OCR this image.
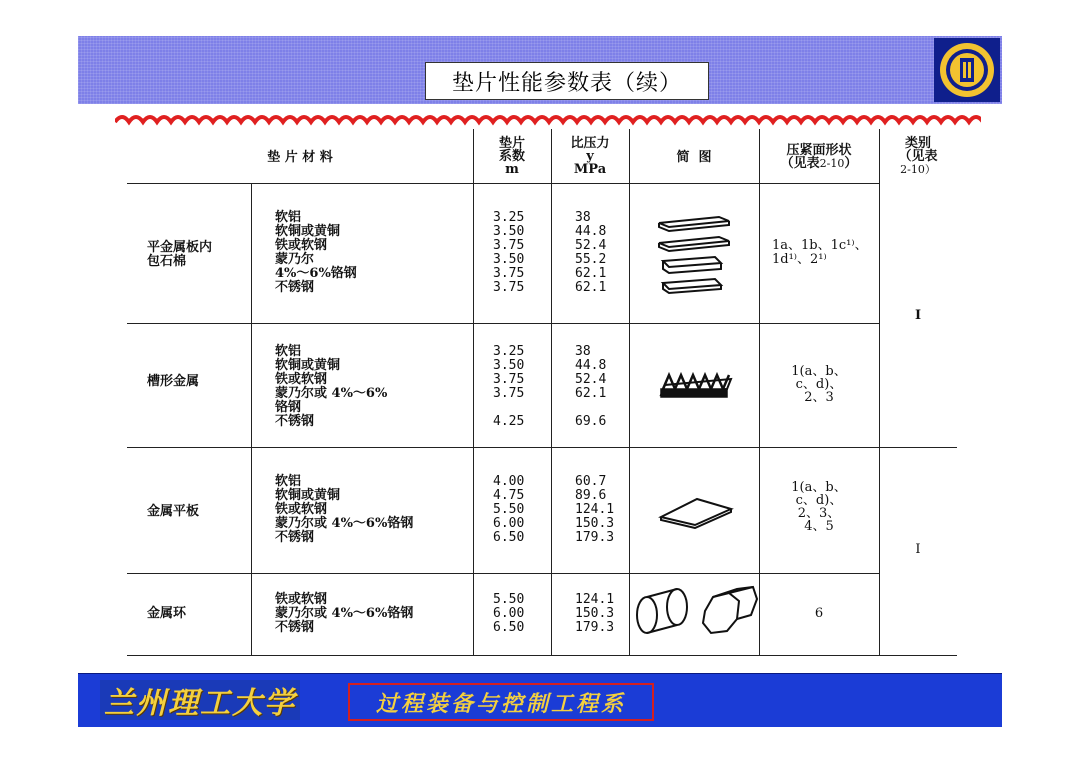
垫片性能参数表（续）
垫 片 材 料
垫片
系数
m
比压力
y
MPa
简  图	压紧面形状
（见表2-10）
类别
（见表
2-10）
平金属板内
包石棉
软铝
软铜或黄铜
铁或软钢
蒙乃尔
4%～6%铬钢
不锈钢
3.25
3.50
3.75
3.50
3.75
3.75
38
44.8
52.4
55.2
62.1
62.1
1a、1b、1c¹⁾、
1d¹⁾、2¹⁾
槽形金属
软铝
软铜或黄铜
铁或软钢
蒙乃尔或 4%～6%
铬钢
不锈钢
3.25
3.50
3.75
3.75

4.25
38
44.8
52.4
62.1

69.6
1(a、b、
c、d)、
2、3
金属平板
软铝
软铜或黄铜
铁或软钢
蒙乃尔或 4%～6%铬钢
不锈钢
4.00
4.75
5.50
6.00
6.50
60.7
89.6
124.1
150.3
179.3
1(a、b、
c、d)、
2、3、
4、5
金属环
铁或软钢
蒙乃尔或 4%～6%铬钢
不锈钢
5.50
6.00
6.50
124.1
150.3
179.3
6
Ⅰ
Ⅰ
兰州理工大学	过程装备与控制工程系
